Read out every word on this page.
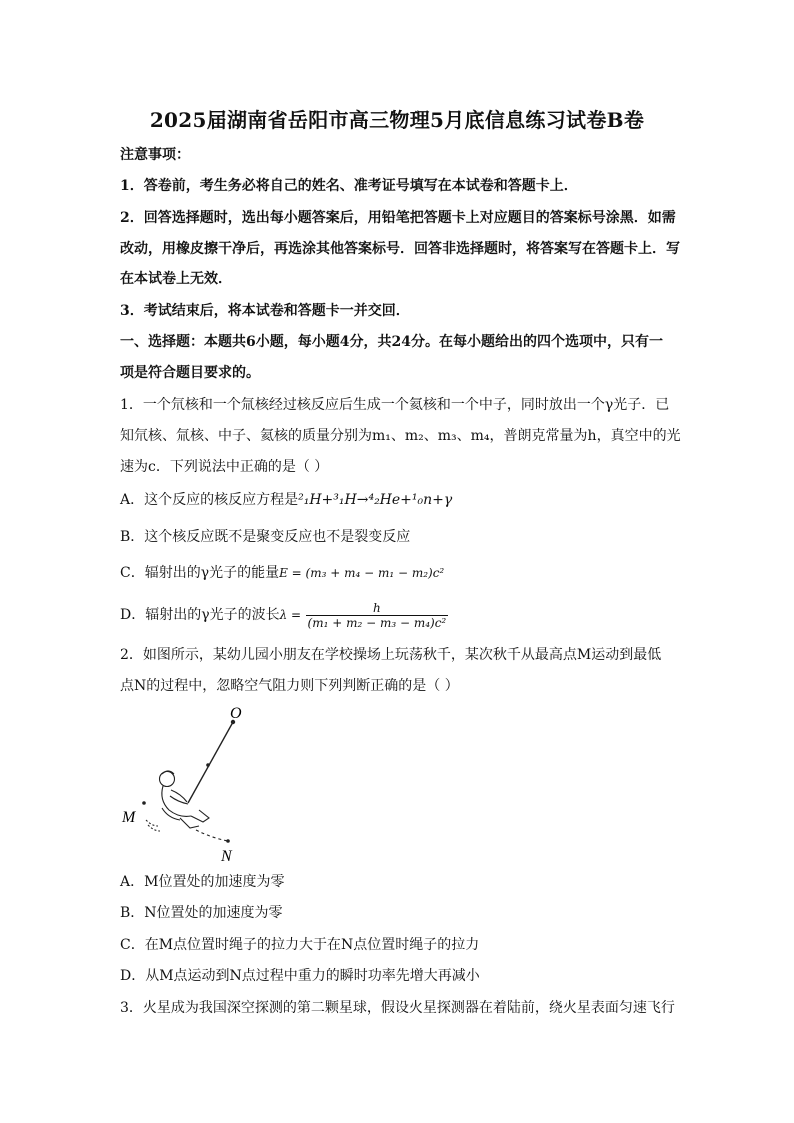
2025届湖南省岳阳市高三物理5月底信息练习试卷B卷
注意事项：
1．答卷前，考生务必将自己的姓名、准考证号填写在本试卷和答题卡上．
2．回答选择题时，选出每小题答案后，用铅笔把答题卡上对应题目的答案标号涂黑．如需
改动，用橡皮擦干净后，再选涂其他答案标号．回答非选择题时，将答案写在答题卡上．写
在本试卷上无效．
3．考试结束后，将本试卷和答题卡一并交回．
一、选择题：本题共6小题，每小题4分，共24分。在每小题给出的四个选项中，只有一
项是符合题目要求的。
1．一个氘核和一个氚核经过核反应后生成一个氦核和一个中子，同时放出一个γ光子．已
知氘核、氚核、中子、氦核的质量分别为m₁、m₂、m₃、m₄，普朗克常量为h，真空中的光
速为c．下列说法中正确的是（ ）
A．这个反应的核反应方程是²₁H+³₁H→⁴₂He+¹₀n+γ
B．这个核反应既不是聚变反应也不是裂变反应
C．辐射出的γ光子的能量E = (m₃ + m₄ − m₁ − m₂)c²
D．辐射出的γ光子的波长$\lambda = \frac{h}{\text{(m₁ + m₂ − m₃ − m₄)c²}}$
2．如图所示，某幼儿园小朋友在学校操场上玩荡秋千，某次秋千从最高点M运动到最低
点N的过程中，忽略空气阻力则下列判断正确的是（ ）
O
M
N
A．M位置处的加速度为零
B．N位置处的加速度为零
C．在M点位置时绳子的拉力大于在N点位置时绳子的拉力
D．从M点运动到N点过程中重力的瞬时功率先增大再减小
3．火星成为我国深空探测的第二颗星球，假设火星探测器在着陆前，绕火星表面匀速飞行
